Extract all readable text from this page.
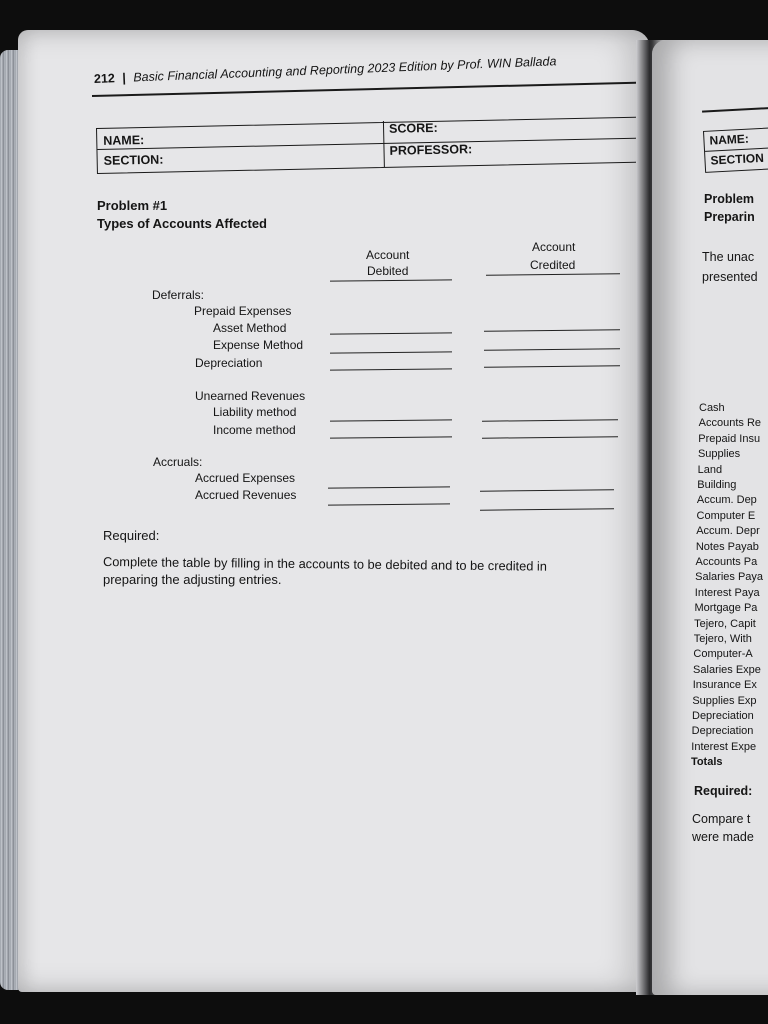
212 | Basic Financial Accounting and Reporting 2023 Edition by Prof. WIN Ballada
NAME:
SECTION:
SCORE:
PROFESSOR:
Problem #1
Types of Accounts Affected
Account
Debited
Account
Credited
Deferrals:
Prepaid Expenses
Asset Method
Expense Method
Depreciation
Unearned Revenues
Liability method
Income method
Accruals:
Accrued Expenses
Accrued Revenues
Required:
Complete the table by filling in the accounts to be debited and to be credited in
preparing the adjusting entries.
NAME:
SECTION
Problem
Preparin
The unac
presented
Cash
Accounts Re
Prepaid Insu
Supplies
Land
Building
Accum. Dep
Computer E
Accum. Depr
Notes Payab
Accounts Pa
Salaries Paya
Interest Paya
Mortgage Pa
Tejero, Capit
Tejero, With
Computer-A
Salaries Expe
Insurance Ex
Supplies Exp
Depreciation
Depreciation
Interest Expe
Totals
Required:
Compare t
were made
